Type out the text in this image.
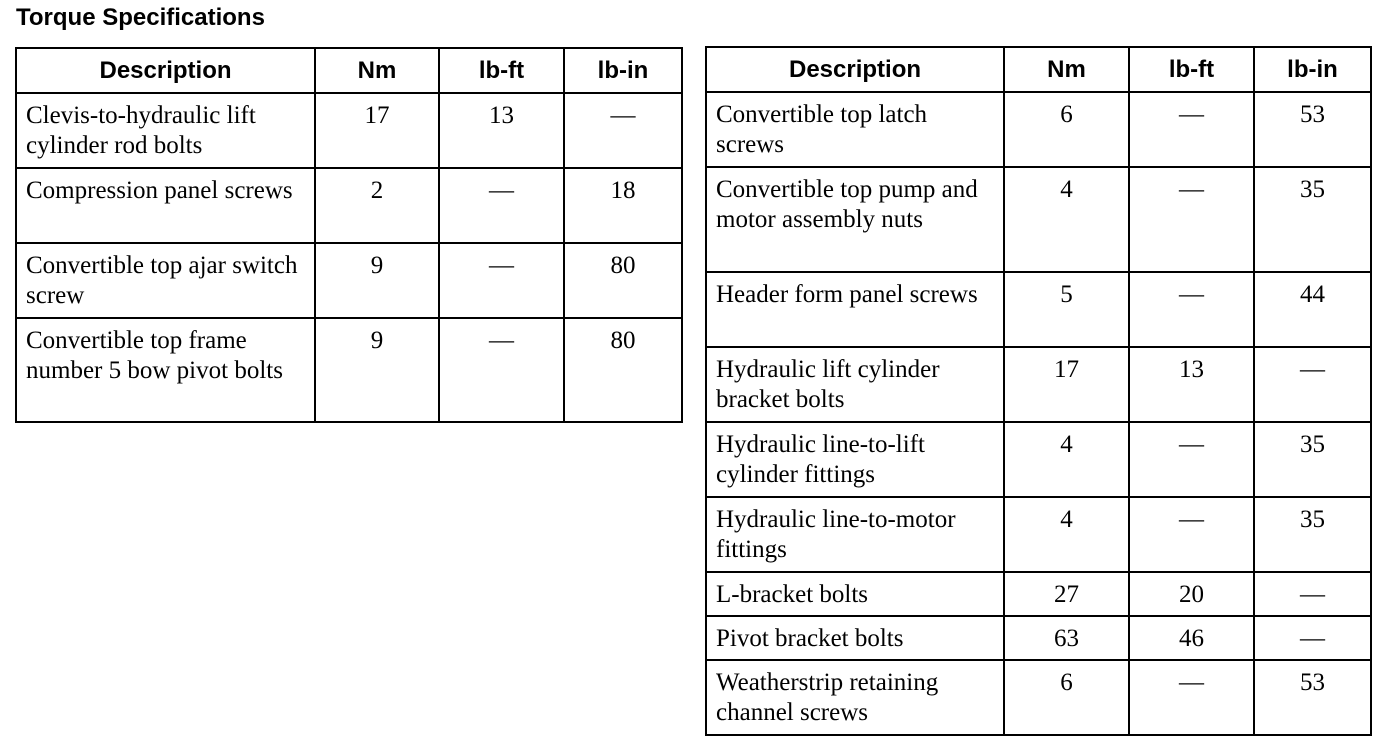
Torque Specifications
Description	Nm	lb-ft	lb-in
Clevis-to-hydraulic lift cylinder rod bolts	17	13	—
Compression panel screws	2	—	18
Convertible top ajar switch screw	9	—	80
Convertible top frame number 5 bow pivot bolts	9	—	80
Description	Nm	lb-ft	lb-in
Convertible top latch screws	6	—	53
Convertible top pump and motor assembly nuts	4	—	35
Header form panel screws	5	—	44
Hydraulic lift cylinder bracket bolts	17	13	—
Hydraulic line-to-lift cylinder fittings	4	—	35
Hydraulic line-to-motor fittings	4	—	35
L-bracket bolts	27	20	—
Pivot bracket bolts	63	46	—
Weatherstrip retaining channel screws	6	—	53
